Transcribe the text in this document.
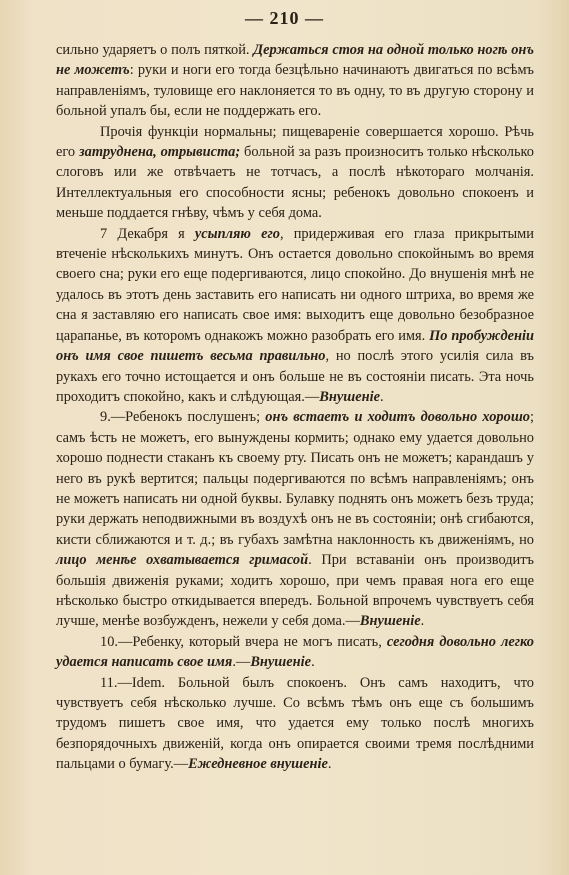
— 210 —

сильно ударяетъ о полъ пяткой. Держаться стоя на одной только ногѣ онъ не можетъ: руки и ноги его тогда безцѣльно начинаютъ двигаться по всѣмъ направленіямъ, туловище его наклоняется то въ одну, то въ другую сторону и больной упалъ бы, если не поддержать его.

Прочія функціи нормальны; пищевареніе совершается хорошо. Рѣчь его затруднена, отрывиста; больной за разъ произноситъ только нѣсколько слоговъ или же отвѣчаетъ не тотчасъ, а послѣ нѣкотораго молчанія. Интеллектуальныя его способности ясны; ребенокъ довольно спокоенъ и меньше поддается гнѣву, чѣмъ у себя дома.

7 Декабря я усыпляю его, придерживая его глаза прикрытыми втеченіе нѣсколькихъ минутъ. Онъ остается довольно спокойнымъ во время своего сна; руки его еще подергиваются, лицо спокойно. До внушенія мнѣ не удалось въ этотъ день заставить его написать ни одного штриха, во время же сна я заставляю его написать свое имя: выходитъ еще довольно безобразное царапанье, въ которомъ однакожъ можно разобрать его имя. По пробужденіи онъ имя свое пишетъ весьма правильно, но послѣ этого усилія сила въ рукахъ его точно истощается и онъ больше не въ состояніи писать. Эта ночь проходитъ спокойно, какъ и слѣдующая.—Внушеніе.

9.—Ребенокъ послушенъ; онъ встаетъ и ходитъ довольно хорошо; самъ ѣсть не можетъ, его вынуждены кормить; однако ему удается довольно хорошо поднести стаканъ къ своему рту. Писать онъ не можетъ; карандашъ у него въ рукѣ вертится; пальцы подергиваются по всѣмъ направленіямъ; онъ не можетъ написать ни одной буквы. Булавку поднять онъ можетъ безъ труда; руки держать неподвижными въ воздухѣ онъ не въ состояніи; онѣ сгибаются, кисти сближаются и т. д.; въ губахъ замѣтна наклонность къ движеніямъ, но лицо менѣе охватывается гримасой. При вставаніи онъ производитъ большія движенія руками; ходитъ хорошо, при чемъ правая нога его еще нѣсколько быстро откидывается впередъ. Больной впрочемъ чувствуетъ себя лучше, менѣе возбужденъ, нежели у себя дома.—Внушеніе.

10.—Ребенку, который вчера не могъ писать, сегодня довольно легко удается написать свое имя.—Внушеніе.

11.—Idem. Больной былъ спокоенъ. Онъ самъ находитъ, что чувствуетъ себя нѣсколько лучше. Со всѣмъ тѣмъ онъ еще съ большимъ трудомъ пишетъ свое имя, что удается ему только послѣ многихъ безпорядочныхъ движеній, когда онъ опирается своими тремя послѣдними пальцами о бумагу.—Ежедневное внушеніе.
